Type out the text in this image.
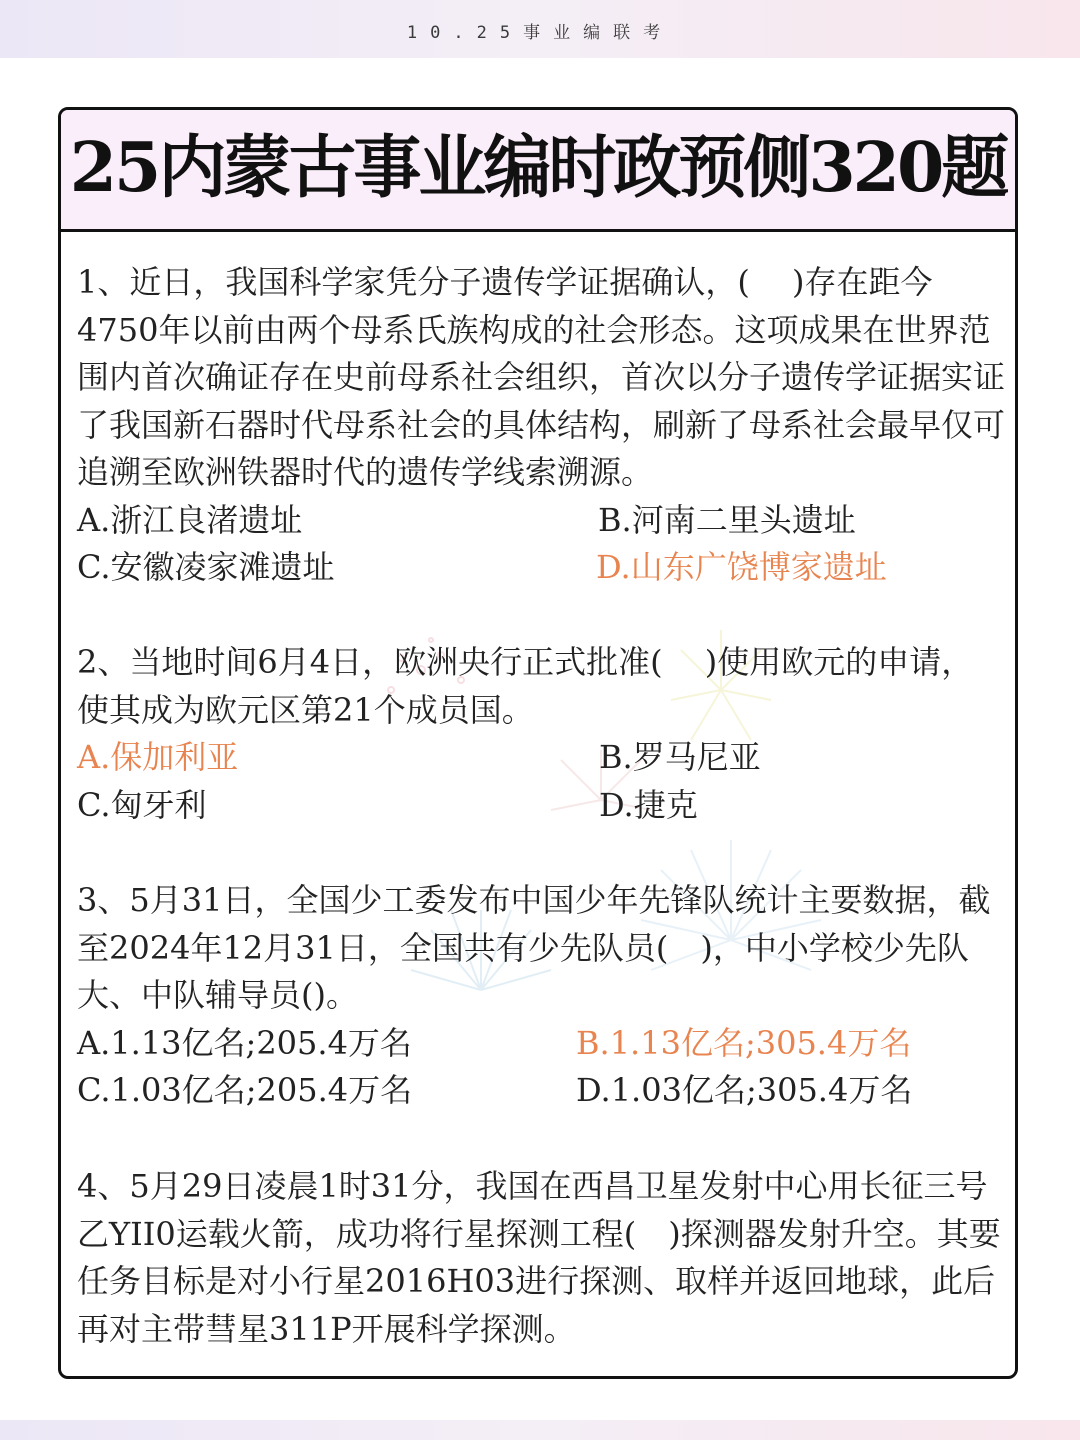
10.25事业编联考
25内蒙古事业编时政预侧320题

1、近日，我国科学家凭分子遗传学证据确认，(　 )存在距今4750年以前由两个母系氏族构成的社会形态。这项成果在世界范围内首次确证存在史前母系社会组织，首次以分子遗传学证据实证了我国新石器时代母系社会的具体结构，刷新了母系社会最早仅可追溯至欧洲铁器时代的遗传学线索溯源。

A.浙江良渚遗址	B.河南二里头遗址
C.安徽凌家滩遗址	D.山东广饶博家遗址

2、当地时间6月4日，欧洲央行正式批准(　 )使用欧元的申请，使其成为欧元区第21个成员国。

A.保加利亚	B.罗马尼亚
C.匈牙利	D.捷克

3、5月31日，全国少工委发布中国少年先锋队统计主要数据，截至2024年12月31日，全国共有少先队员(　)，中小学校少先队大、中队辅导员()。

A.1.13亿名;205.4万名	B.1.13亿名;305.4万名
C.1.03亿名;205.4万名	D.1.03亿名;305.4万名

4、5月29日凌晨1时31分，我国在西昌卫星发射中心用长征三号乙YII0运载火箭，成功将行星探测工程(　)探测器发射升空。其要任务目标是对小行星2016H03进行探测、取样并返回地球，此后再对主带彗星311P开展科学探测。
